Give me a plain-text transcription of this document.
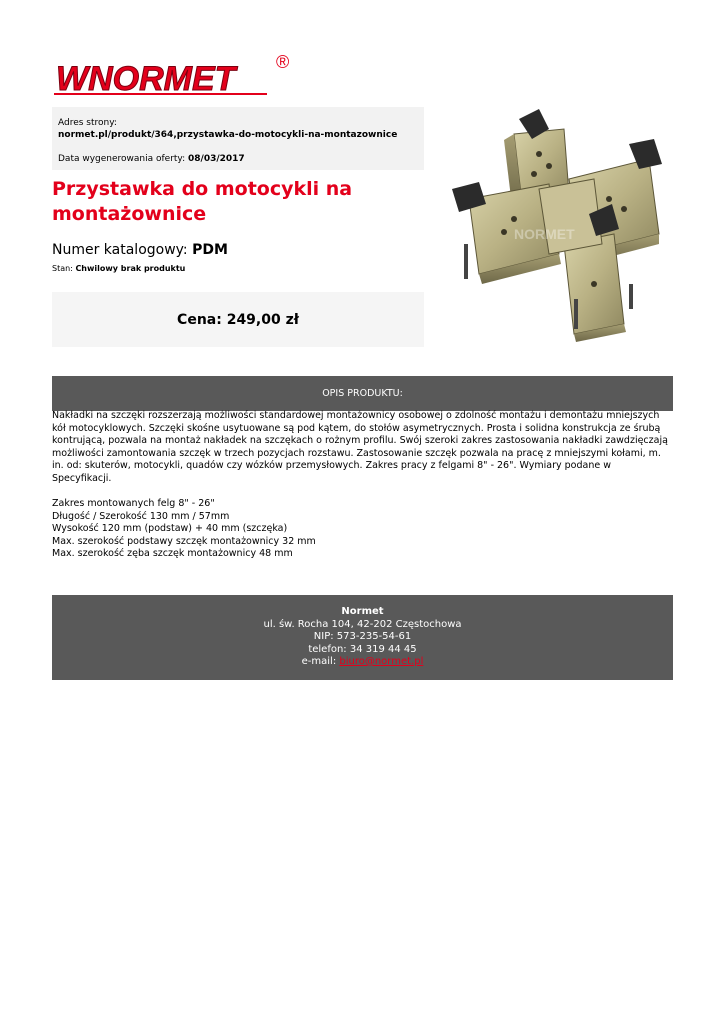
WNORMET ®
Adres strony:
normet.pl/produkt/364,przystawka-do-motocykli-na-montazownice
Data wygenerowania oferty: 08/03/2017
Przystawka do motocykli na montażownice
Numer katalogowy: PDM
Stan: Chwilowy brak produktu
Cena: 249,00 zł
NORMET
OPIS PRODUKTU:

Nakładki na szczęki rozszerzają możliwości standardowej montażownicy osobowej o zdolność montażu i demontażu mniejszych kół motocyklowych. Szczęki skośne usytuowane są pod kątem, do stołów asymetrycznych. Prosta i solidna konstrukcja ze śrubą kontrującą, pozwala na montaż nakładek na szczękach o rożnym profilu. Swój szeroki zakres zastosowania nakładki zawdzięczają możliwości zamontowania szczęk w trzech pozycjach rozstawu. Zastosowanie szczęk pozwala na pracę z mniejszymi kołami, m. in. od: skuterów, motocykli, quadów czy wózków przemysłowych. Zakres pracy z felgami 8" - 26". Wymiary podane w Specyfikacji.

Zakres montowanych felg 8" - 26"
Długość / Szerokość 130 mm / 57mm
Wysokość 120 mm (podstaw) + 40 mm (szczęka)
Max. szerokość podstawy szczęk montażownicy 32 mm
Max. szerokość zęba szczęk montażownicy 48 mm
Normet
ul. św. Rocha 104, 42-202 Częstochowa
NIP: 573-235-54-61
telefon: 34 319 44 45
e-mail: biuro@normet.pl
